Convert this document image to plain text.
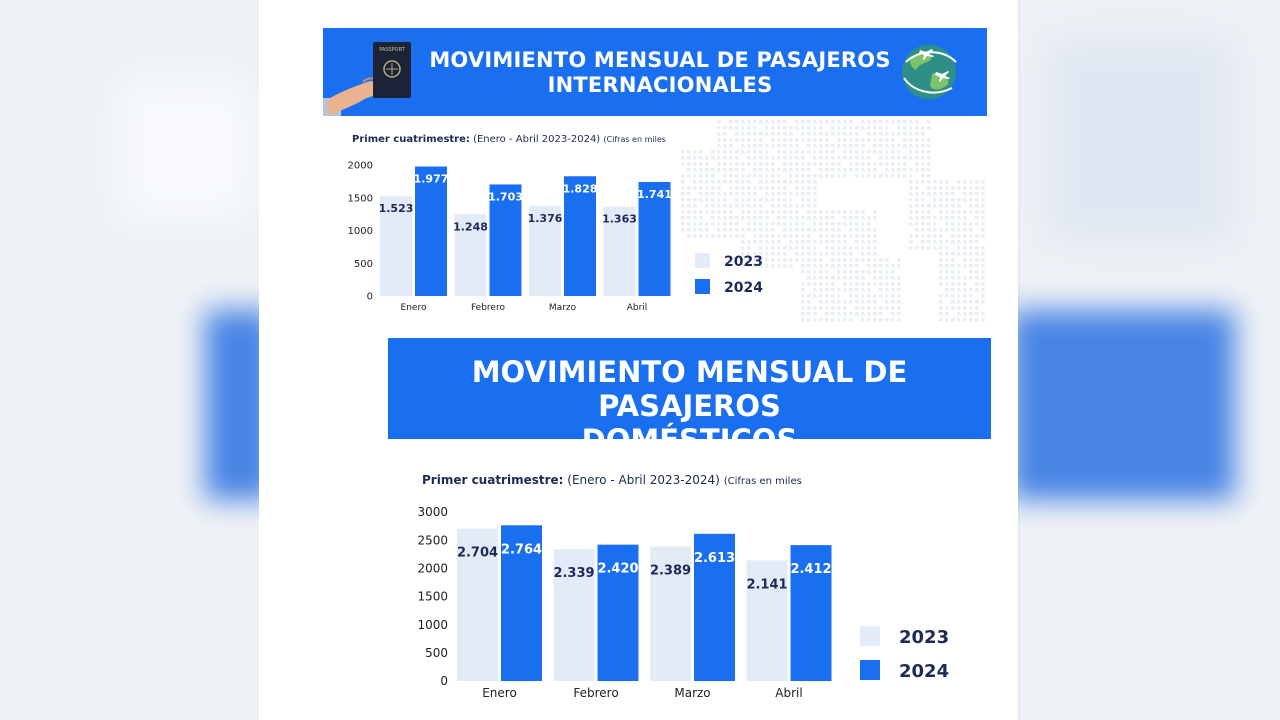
PASSPORT	MOVIMIENTO MENSUAL DE PASAJEROS
INTERNACIONALES
Primer cuatrimestre: (Enero - Abril 2023-2024) (Cifras en miles
0
500
1000
1500
2000
1.523
1.977
Enero
1.248
1.703
Febrero
1.376
1.828
Marzo
1.363
1.741
Abril
2023
2024
MOVIMIENTO MENSUAL DE PASAJEROS
DOMÉSTICOS
Primer cuatrimestre: (Enero - Abril 2023-2024) (Cifras en miles
0
500
1000
1500
2000
2500
3000
2.704 2.764
Enero
2.339 2.420
Febrero
2.389
2.613
Marzo
2.141
2.412
Abril
2023
2024
